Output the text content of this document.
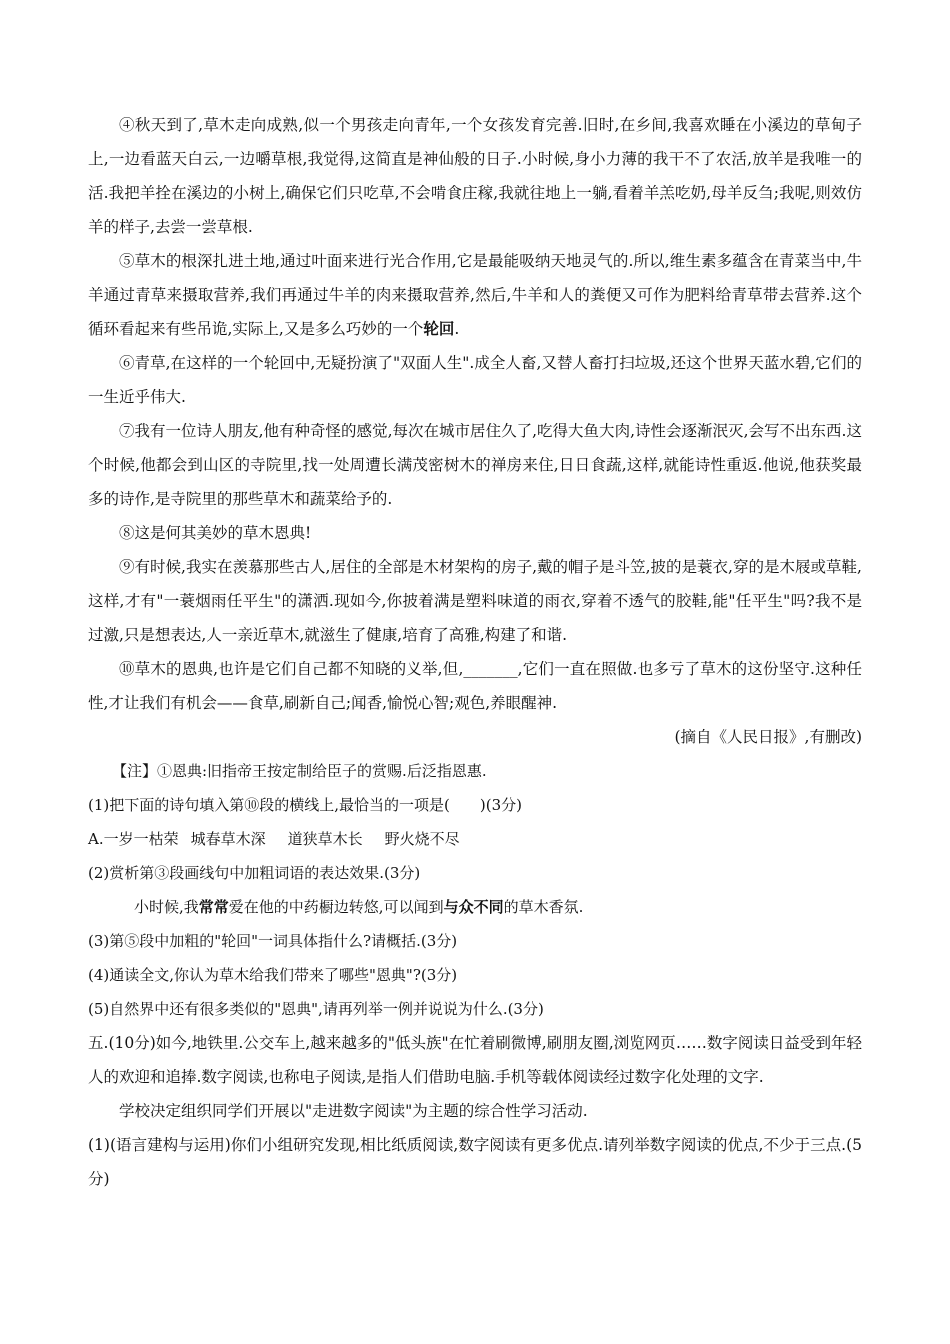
④秋天到了,草木走向成熟,似一个男孩走向青年,一个女孩发育完善.旧时,在乡间,我喜欢睡在小溪边的草甸子上,一边看蓝天白云,一边嚼草根,我觉得,这简直是神仙般的日子.小时候,身小力薄的我干不了农活,放羊是我唯一的活.我把羊拴在溪边的小树上,确保它们只吃草,不会啃食庄稼,我就往地上一躺,看着羊羔吃奶,母羊反刍;我呢,则效仿羊的样子,去尝一尝草根.

⑤草木的根深扎进土地,通过叶面来进行光合作用,它是最能吸纳天地灵气的.所以,维生素多蕴含在青菜当中,牛羊通过青草来摄取营养,我们再通过牛羊的肉来摄取营养,然后,牛羊和人的粪便又可作为肥料给青草带去营养.这个循环看起来有些吊诡,实际上,又是多么巧妙的一个轮回.

⑥青草,在这样的一个轮回中,无疑扮演了"双面人生".成全人畜,又替人畜打扫垃圾,还这个世界天蓝水碧,它们的一生近乎伟大.

⑦我有一位诗人朋友,他有种奇怪的感觉,每次在城市居住久了,吃得大鱼大肉,诗性会逐渐泯灭,会写不出东西.这个时候,他都会到山区的寺院里,找一处周遭长满茂密树木的禅房来住,日日食蔬,这样,就能诗性重返.他说,他获奖最多的诗作,是寺院里的那些草木和蔬菜给予的.

⑧这是何其美妙的草木恩典!

⑨有时候,我实在羡慕那些古人,居住的全部是木材架构的房子,戴的帽子是斗笠,披的是蓑衣,穿的是木屐或草鞋,这样,才有"一蓑烟雨任平生"的潇洒.现如今,你披着满是塑料味道的雨衣,穿着不透气的胶鞋,能"任平生"吗?我不是过激,只是想表达,人一亲近草木,就滋生了健康,培育了高雅,构建了和谐.

⑩草木的恩典,也许是它们自己都不知晓的义举,但,_______,它们一直在照做.也多亏了草木的这份坚守.这种任性,才让我们有机会——食草,刷新自己;闻香,愉悦心智;观色,养眼醒神.

(摘自《人民日报》,有删改)

【注】①恩典:旧指帝王按定制给臣子的赏赐.后泛指恩惠.

(1)把下面的诗句填入第⑩段的横线上,最恰当的一项是(　　)(3分)

A.一岁一枯荣 城春草木深 道狭草木长 野火烧不尽

(2)赏析第③段画线句中加粗词语的表达效果.(3分)

小时候,我常常爱在他的中药橱边转悠,可以闻到与众不同的草木香氛.

(3)第⑤段中加粗的"轮回"一词具体指什么?请概括.(3分)

(4)通读全文,你认为草木给我们带来了哪些"恩典"?(3分)

(5)自然界中还有很多类似的"恩典",请再列举一例并说说为什么.(3分)

五.(10分)如今,地铁里.公交车上,越来越多的"低头族"在忙着刷微博,刷朋友圈,浏览网页……数字阅读日益受到年轻人的欢迎和追捧.数字阅读,也称电子阅读,是指人们借助电脑.手机等载体阅读经过数字化处理的文字.

学校决定组织同学们开展以"走进数字阅读"为主题的综合性学习活动.

(1)(语言建构与运用)你们小组研究发现,相比纸质阅读,数字阅读有更多优点.请列举数字阅读的优点,不少于三点.(5分)
